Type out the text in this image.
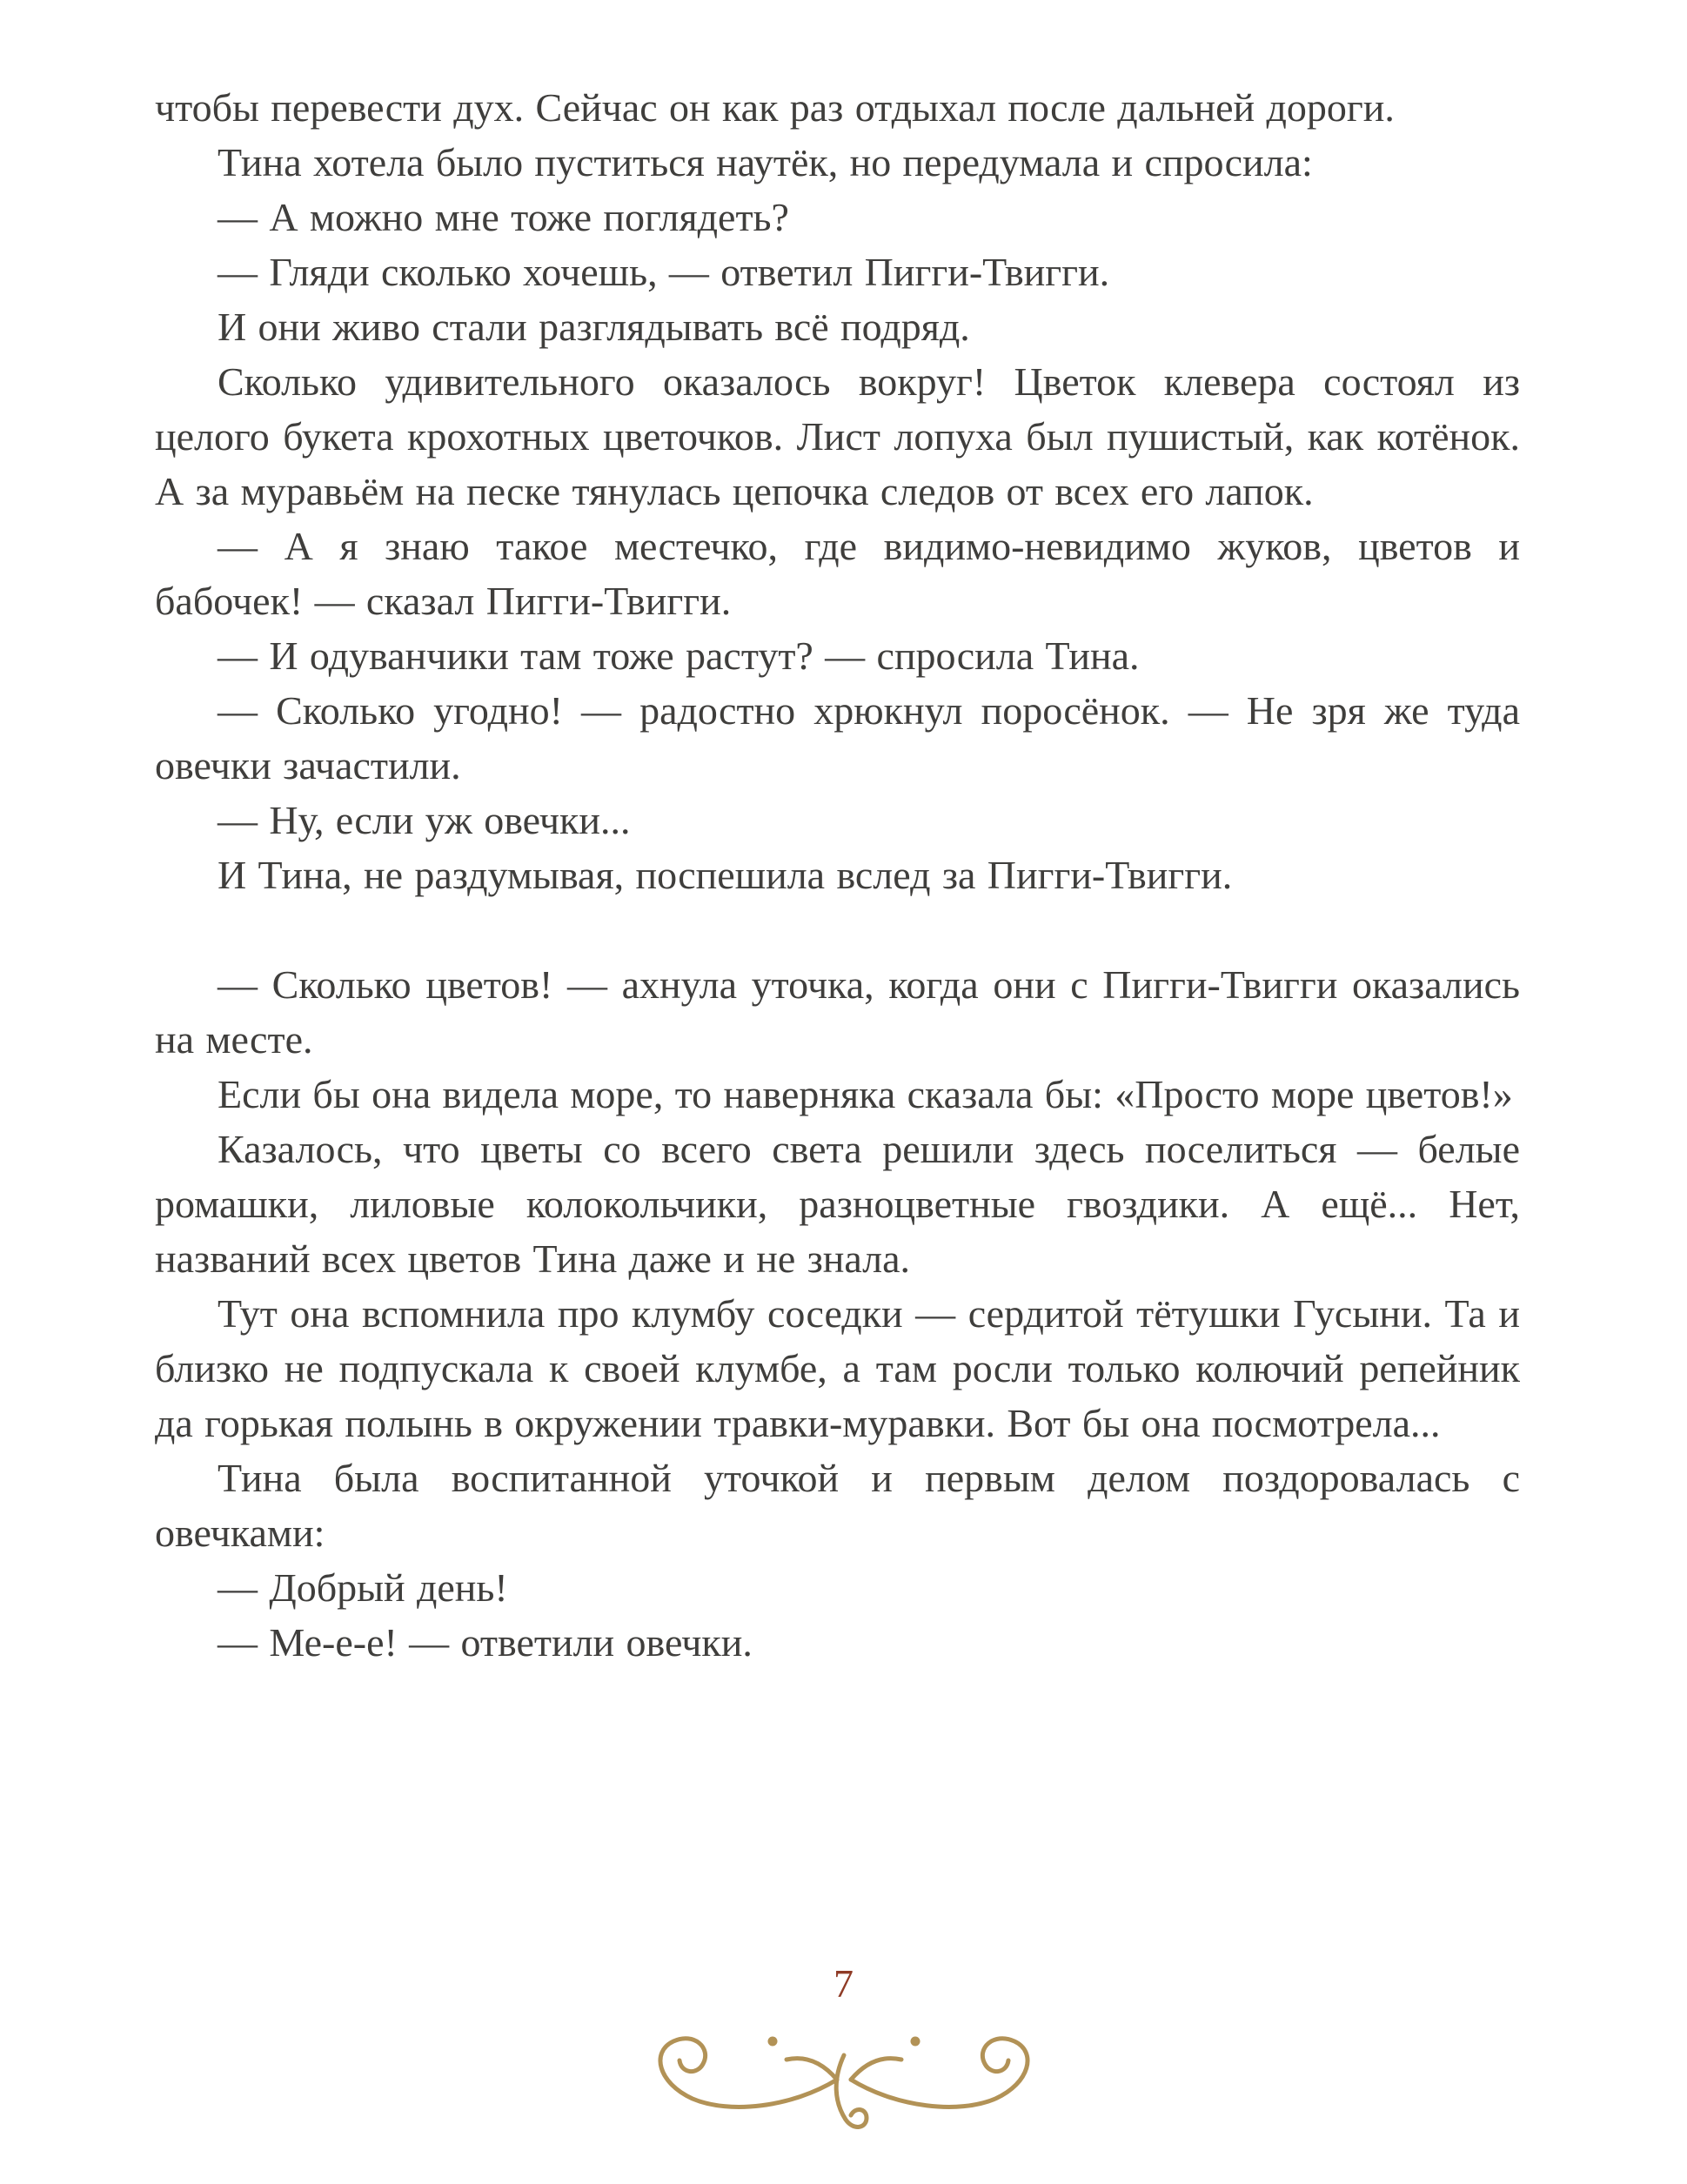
чтобы перевести дух. Сейчас он как раз отдыхал после дальней дороги.

Тина хотела было пуститься наутёк, но передумала и спросила:

— А можно мне тоже поглядеть?

— Гляди сколько хочешь, — ответил Пигги-Твигги.

И они живо стали разглядывать всё подряд.

Сколько удивительного оказалось вокруг! Цветок клевера состоял из целого букета крохотных цветочков. Лист лопуха был пушистый, как котёнок. А за муравьём на песке тянулась цепочка следов от всех его лапок.

— А я знаю такое местечко, где видимо-невидимо жуков, цветов и бабочек! — сказал Пигги-Твигги.

— И одуванчики там тоже растут? — спросила Тина.

— Сколько угодно! — радостно хрюкнул поросёнок. — Не зря же туда овечки зачастили.

— Ну, если уж овечки...

И Тина, не раздумывая, поспешила вслед за Пигги-Твигги.

— Сколько цветов! — ахнула уточка, когда они с Пигги-Твигги оказались на месте.

Если бы она видела море, то наверняка сказала бы: «Просто море цветов!»

Казалось, что цветы со всего света решили здесь поселиться — белые ромашки, лиловые колокольчики, разноцветные гвоздики. А ещё... Нет, названий всех цветов Тина даже и не знала.

Тут она вспомнила про клумбу соседки — сердитой тётушки Гусыни. Та и близко не подпускала к своей клумбе, а там росли только колючий репейник да горькая полынь в окружении травки-муравки. Вот бы она посмотрела...

Тина была воспитанной уточкой и первым делом поздоровалась с овечками:

— Добрый день!

— Ме-е-е! — ответили овечки.

7
